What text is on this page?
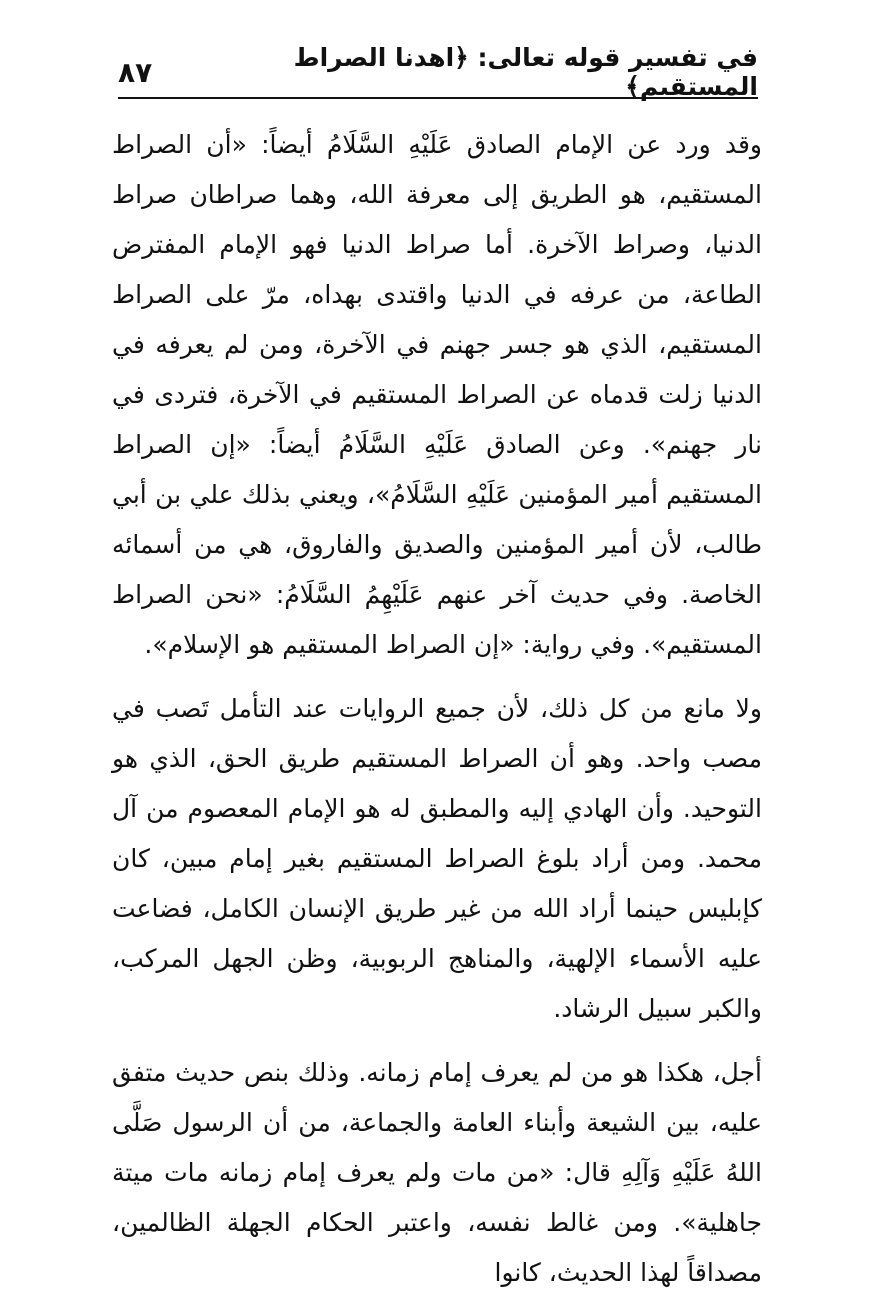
٨٧	في تفسير قوله تعالى: ﴿اهدنا الصراط المستقيم﴾

وقد ورد عن الإمام الصادق عَلَيْهِ السَّلَامُ أيضاً: «أن الصراط المستقيم، هو الطريق إلى معرفة الله، وهما صراطان صراط الدنيا، وصراط الآخرة. أما صراط الدنيا فهو الإمام المفترض الطاعة، من عرفه في الدنيا واقتدى بهداه، مرّ على الصراط المستقيم، الذي هو جسر جهنم في الآخرة، ومن لم يعرفه في الدنيا زلت قدماه عن الصراط المستقيم في الآخرة، فتردى في نار جهنم». وعن الصادق عَلَيْهِ السَّلَامُ أيضاً: «إن الصراط المستقيم أمير المؤمنين عَلَيْهِ السَّلَامُ»، ويعني بذلك علي بن أبي طالب، لأن أمير المؤمنين والصديق والفاروق، هي من أسمائه الخاصة. وفي حديث آخر عنهم عَلَيْهِمُ السَّلَامُ: «نحن الصراط المستقيم». وفي رواية: «إن الصراط المستقيم هو الإسلام».

ولا مانع من كل ذلك، لأن جميع الروايات عند التأمل تَصب في مصب واحد. وهو أن الصراط المستقيم طريق الحق، الذي هو التوحيد. وأن الهادي إليه والمطبق له هو الإمام المعصوم من آل محمد. ومن أراد بلوغ الصراط المستقيم بغير إمام مبين، كان كإبليس حينما أراد الله من غير طريق الإنسان الكامل، فضاعت عليه الأسماء الإلهية، والمناهج الربوبية، وظن الجهل المركب، والكبر سبيل الرشاد.

أجل، هكذا هو من لم يعرف إمام زمانه. وذلك بنص حديث متفق عليه، بين الشيعة وأبناء العامة والجماعة، من أن الرسول صَلَّى اللهُ عَلَيْهِ وَآلِهِ قال: «من مات ولم يعرف إمام زمانه مات ميتة جاهلية». ومن غالط نفسه، واعتبر الحكام الجهلة الظالمين، مصداقاً لهذا الحديث، كانوا
